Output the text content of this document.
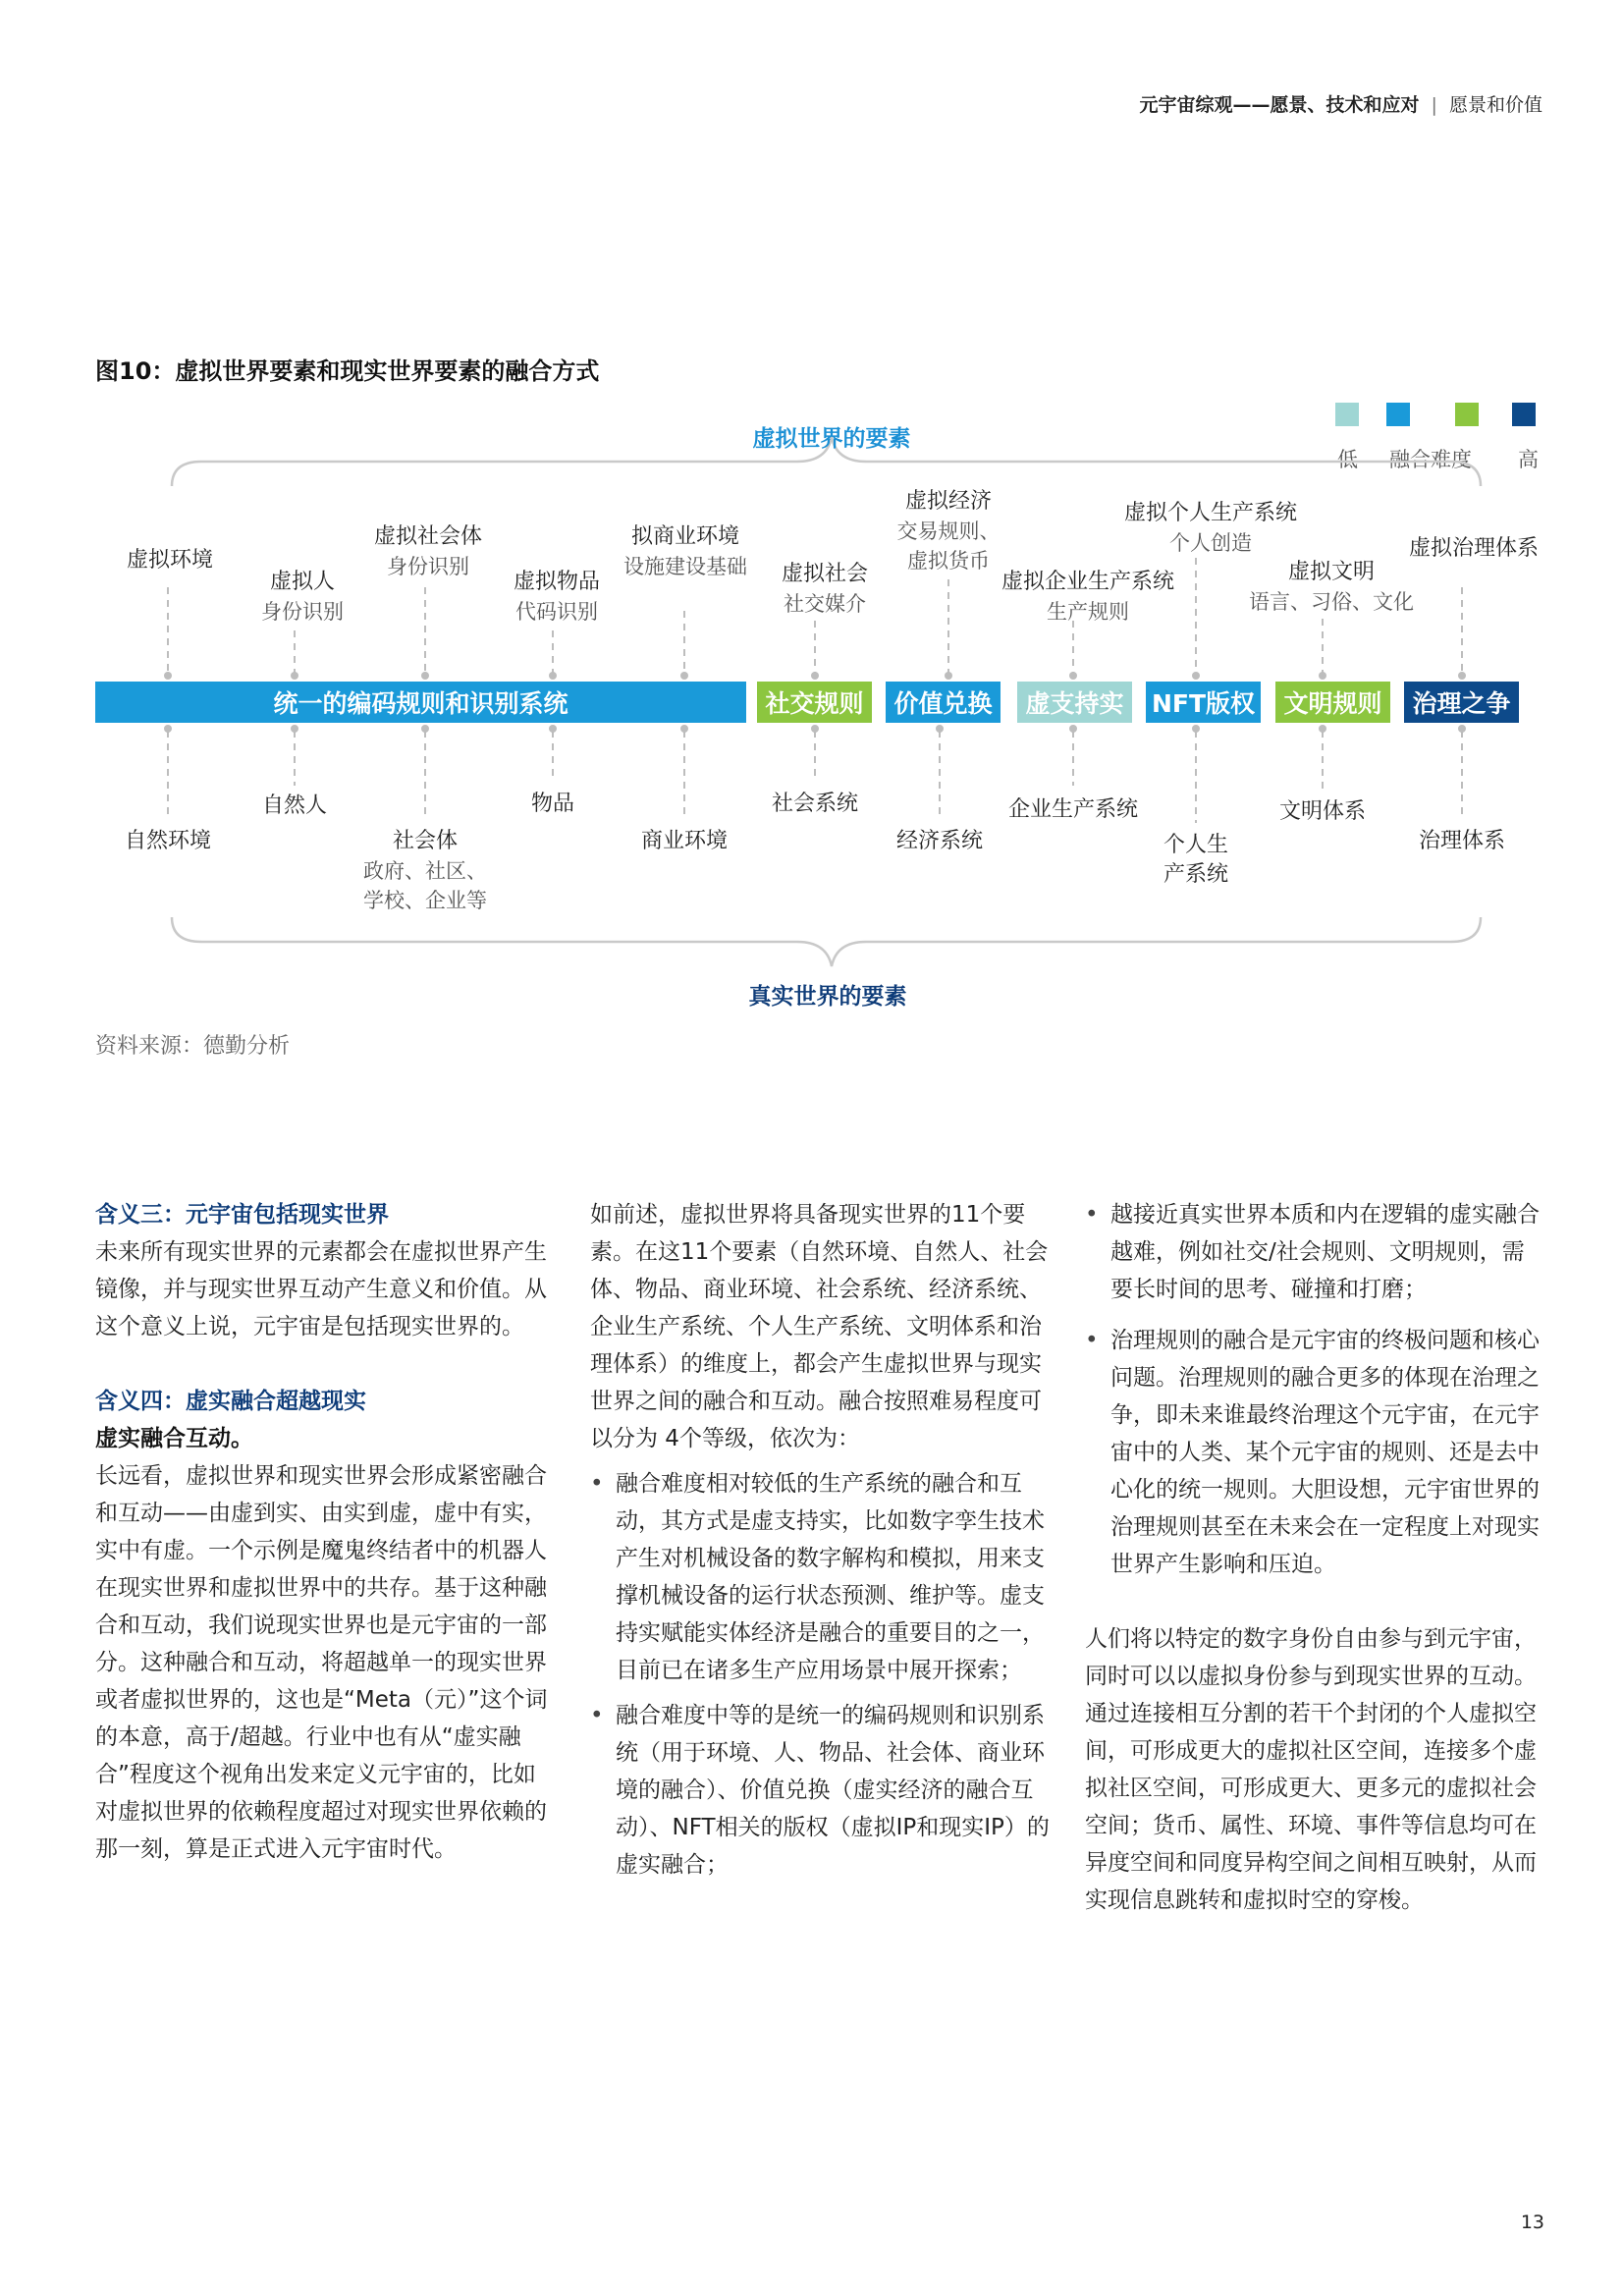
元宇宙综观——愿景、技术和应对 | 愿景和价值
图10：虚拟世界要素和现实世界要素的融合方式
低 融合难度 高
虚拟世界的要素
真实世界的要素
虚拟环境
虚拟人
身份识别
虚拟社会体
身份识别
虚拟物品
代码识别
拟商业环境
设施建设基础 虚拟社会
社交媒介
虚拟经济
交易规则、
虚拟货币
虚拟企业生产系统
生产规则
虚拟个人生产系统
个人创造
虚拟文明
语言、习俗、文化
虚拟治理体系
统一的编码规则和识别系统	社交规则 价值兑换 虚支持实 NFT版权 文明规则 治理之争
自然环境
自然人
社会体
政府、社区、
学校、企业等
物品
商业环境
社会系统
经济系统
企业生产系统
个人生
产系统
文明体系
治理体系
资料来源：德勤分析

含义三：元宇宙包括现实世界

未来所有现实世界的元素都会在虚拟世界产生镜像，并与现实世界互动产生意义和价值。从这个意义上说，元宇宙是包括现实世界的。

含义四：虚实融合超越现实

虚实融合互动。

长远看，虚拟世界和现实世界会形成紧密融合和互动——由虚到实、由实到虚，虚中有实，实中有虚。一个示例是魔鬼终结者中的机器人在现实世界和虚拟世界中的共存。基于这种融合和互动，我们说现实世界也是元宇宙的一部分。这种融合和互动，将超越单一的现实世界或者虚拟世界的，这也是“Meta（元）”这个词的本意，高于/超越。行业中也有从“虚实融合”程度这个视角出发来定义元宇宙的，比如对虚拟世界的依赖程度超过对现实世界依赖的那一刻，算是正式进入元宇宙时代。

如前述，虚拟世界将具备现实世界的11个要素。在这11个要素（自然环境、自然人、社会体、物品、商业环境、社会系统、经济系统、企业生产系统、个人生产系统、文明体系和治理体系）的维度上，都会产生虚拟世界与现实世界之间的融合和互动。融合按照难易程度可以分为 4个等级，依次为：

• 融合难度相对较低的生产系统的融合和互动，其方式是虚支持实，比如数字孪生技术产生对机械设备的数字解构和模拟，用来支撑机械设备的运行状态预测、维护等。虚支持实赋能实体经济是融合的重要目的之一，目前已在诸多生产应用场景中展开探索；

• 融合难度中等的是统一的编码规则和识别系统（用于环境、人、物品、社会体、商业环境的融合）、价值兑换（虚实经济的融合互动）、NFT相关的版权（虚拟IP和现实IP）的虚实融合；

• 越接近真实世界本质和内在逻辑的虚实融合越难，例如社交/社会规则、文明规则，需要长时间的思考、碰撞和打磨；

• 治理规则的融合是元宇宙的终极问题和核心问题。治理规则的融合更多的体现在治理之争，即未来谁最终治理这个元宇宙，在元宇宙中的人类、某个元宇宙的规则、还是去中心化的统一规则。大胆设想，元宇宙世界的治理规则甚至在未来会在一定程度上对现实世界产生影响和压迫。

人们将以特定的数字身份自由参与到元宇宙，同时可以以虚拟身份参与到现实世界的互动。通过连接相互分割的若干个封闭的个人虚拟空间，可形成更大的虚拟社区空间，连接多个虚拟社区空间，可形成更大、更多元的虚拟社会空间；货币、属性、环境、事件等信息均可在异度空间和同度异构空间之间相互映射，从而实现信息跳转和虚拟时空的穿梭。

13
